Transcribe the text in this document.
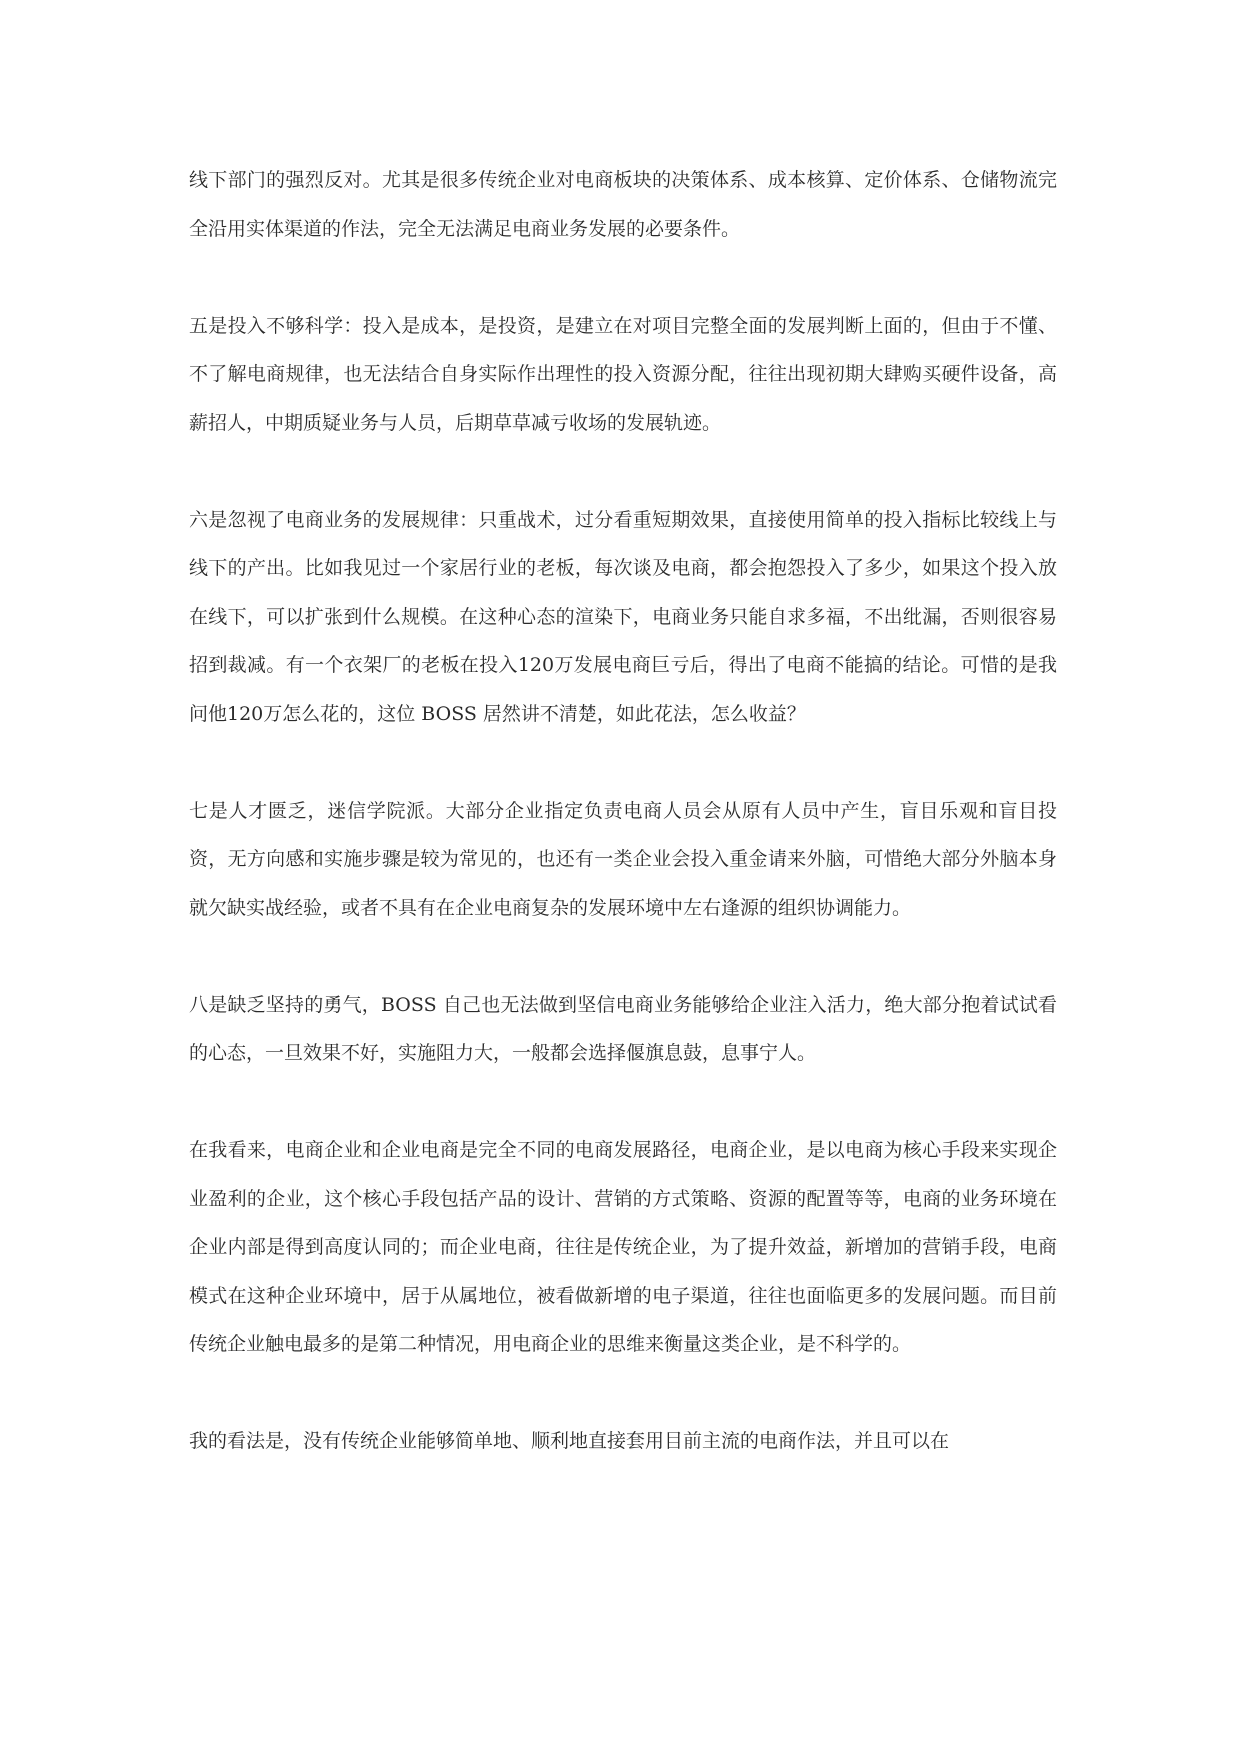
线下部门的强烈反对。尤其是很多传统企业对电商板块的决策体系、成本核算、定价体系、仓储物流完全沿用实体渠道的作法，完全无法满足电商业务发展的必要条件。

五是投入不够科学：投入是成本，是投资，是建立在对项目完整全面的发展判断上面的，但由于不懂、不了解电商规律，也无法结合自身实际作出理性的投入资源分配，往往出现初期大肆购买硬件设备，高薪招人，中期质疑业务与人员，后期草草减亏收场的发展轨迹。

六是忽视了电商业务的发展规律：只重战术，过分看重短期效果，直接使用简单的投入指标比较线上与线下的产出。比如我见过一个家居行业的老板，每次谈及电商，都会抱怨投入了多少，如果这个投入放在线下，可以扩张到什么规模。在这种心态的渲染下，电商业务只能自求多福，不出纰漏，否则很容易招到裁减。有一个衣架厂的老板在投入120万发展电商巨亏后，得出了电商不能搞的结论。可惜的是我问他120万怎么花的，这位 BOSS 居然讲不清楚，如此花法，怎么收益？

七是人才匮乏，迷信学院派。大部分企业指定负责电商人员会从原有人员中产生，盲目乐观和盲目投资，无方向感和实施步骤是较为常见的，也还有一类企业会投入重金请来外脑，可惜绝大部分外脑本身就欠缺实战经验，或者不具有在企业电商复杂的发展环境中左右逢源的组织协调能力。

八是缺乏坚持的勇气，BOSS 自己也无法做到坚信电商业务能够给企业注入活力，绝大部分抱着试试看的心态，一旦效果不好，实施阻力大，一般都会选择偃旗息鼓，息事宁人。

在我看来，电商企业和企业电商是完全不同的电商发展路径，电商企业，是以电商为核心手段来实现企业盈利的企业，这个核心手段包括产品的设计、营销的方式策略、资源的配置等等，电商的业务环境在企业内部是得到高度认同的；而企业电商，往往是传统企业，为了提升效益，新增加的营销手段，电商模式在这种企业环境中，居于从属地位，被看做新增的电子渠道，往往也面临更多的发展问题。而目前传统企业触电最多的是第二种情况，用电商企业的思维来衡量这类企业，是不科学的。

我的看法是，没有传统企业能够简单地、顺利地直接套用目前主流的电商作法，并且可以在
